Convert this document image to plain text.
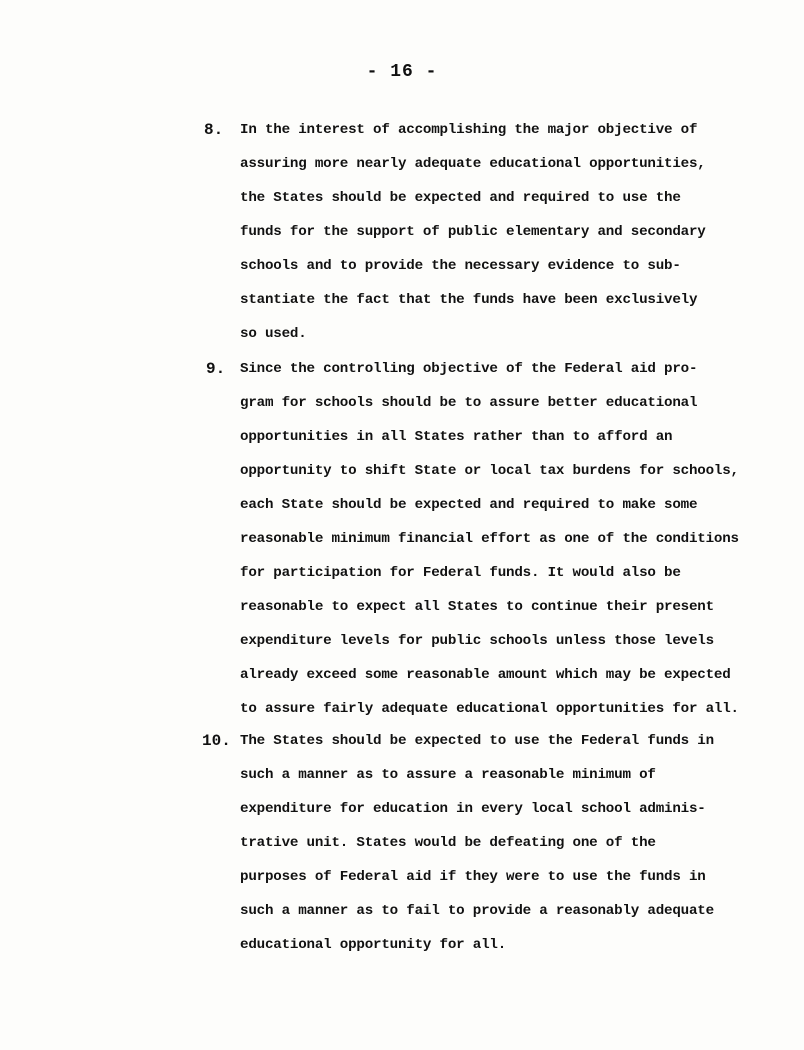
- 16 -
8. In the interest of accomplishing the major objective of
assuring more nearly adequate educational opportunities,
the States should be expected and required to use the
funds for the support of public elementary and secondary
schools and to provide the necessary evidence to sub-
stantiate the fact that the funds have been exclusively
so used.
9. Since the controlling objective of the Federal aid pro-
gram for schools should be to assure better educational
opportunities in all States rather than to afford an
opportunity to shift State or local tax burdens for schools,
each State should be expected and required to make some
reasonable minimum financial effort as one of the conditions
for participation for Federal funds. It would also be
reasonable to expect all States to continue their present
expenditure levels for public schools unless those levels
already exceed some reasonable amount which may be expected
to assure fairly adequate educational opportunities for all.
10. The States should be expected to use the Federal funds in
such a manner as to assure a reasonable minimum of
expenditure for education in every local school adminis-
trative unit. States would be defeating one of the
purposes of Federal aid if they were to use the funds in
such a manner as to fail to provide a reasonably adequate
educational opportunity for all.
